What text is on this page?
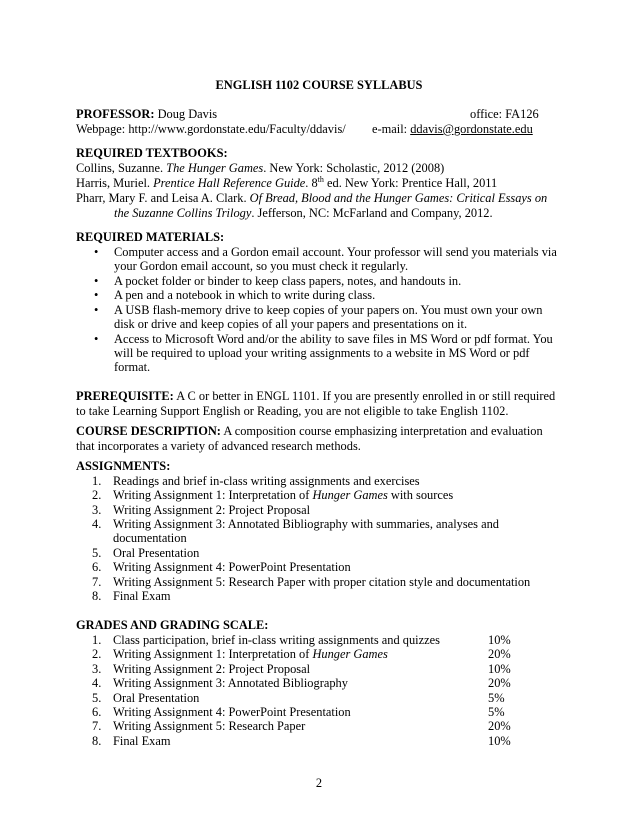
ENGLISH 1102 COURSE SYLLABUS
PROFESSOR: Doug Davis	office: FA126
Webpage: http://www.gordonstate.edu/Faculty/ddavis/	e-mail: ddavis@gordonstate.edu
REQUIRED TEXTBOOKS:
Collins, Suzanne. The Hunger Games. New York: Scholastic, 2012 (2008)
Harris, Muriel. Prentice Hall Reference Guide. 8th ed. New York: Prentice Hall, 2011
Pharr, Mary F. and Leisa A. Clark. Of Bread, Blood and the Hunger Games: Critical Essays on
the Suzanne Collins Trilogy. Jefferson, NC: McFarland and Company, 2012.
REQUIRED MATERIALS:
• Computer access and a Gordon email account. Your professor will send you materials via
your Gordon email account, so you must check it regularly.
• A pocket folder or binder to keep class papers, notes, and handouts in.
• A pen and a notebook in which to write during class.
• A USB flash-memory drive to keep copies of your papers on. You must own your own
disk or drive and keep copies of all your papers and presentations on it.
• Access to Microsoft Word and/or the ability to save files in MS Word or pdf format. You
will be required to upload your writing assignments to a website in MS Word or pdf
format.
PREREQUISITE: A C or better in ENGL 1101. If you are presently enrolled in or still required
to take Learning Support English or Reading, you are not eligible to take English 1102.
COURSE DESCRIPTION: A composition course emphasizing interpretation and evaluation
that incorporates a variety of advanced research methods.
ASSIGNMENTS:
1. Readings and brief in-class writing assignments and exercises
2. Writing Assignment 1: Interpretation of Hunger Games with sources
3. Writing Assignment 2: Project Proposal
4. Writing Assignment 3: Annotated Bibliography with summaries, analyses and
documentation
5. Oral Presentation
6. Writing Assignment 4: PowerPoint Presentation
7. Writing Assignment 5: Research Paper with proper citation style and documentation
8. Final Exam
GRADES AND GRADING SCALE:
1. Class participation, brief in-class writing assignments and quizzes	10%
2. Writing Assignment 1: Interpretation of Hunger Games	20%
3. Writing Assignment 2: Project Proposal	10%
4. Writing Assignment 3: Annotated Bibliography	20%
5. Oral Presentation	5%
6. Writing Assignment 4: PowerPoint Presentation	5%
7. Writing Assignment 5: Research Paper	20%
8. Final Exam	10%
2
